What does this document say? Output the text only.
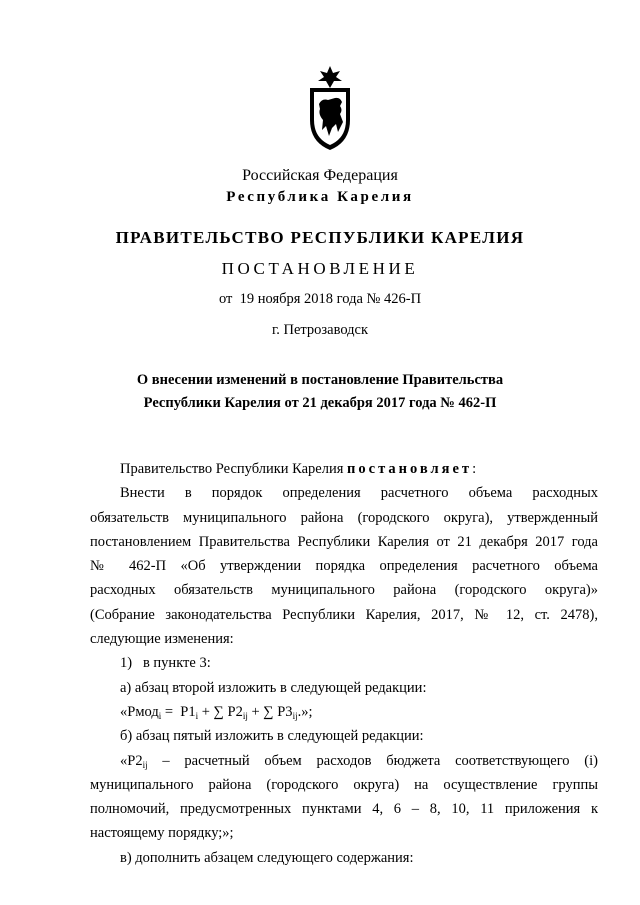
Российская Федерация
Республика Карелия
ПРАВИТЕЛЬСТВО РЕСПУБЛИКИ КАРЕЛИЯ
ПОСТАНОВЛЕНИЕ
от  19 ноября 2018 года № 426-П
г. Петрозаводск
О внесении изменений в постановление Правительства
Республики Карелия от 21 декабря 2017 года № 462-П
Правительство Республики Карелия постановляет:
Внести в порядок определения расчетного объема расходных
обязательств муниципального района (городского округа), утвержденный
постановлением Правительства Республики Карелия от 21 декабря 2017 года
№ 462-П «Об утверждении порядка определения расчетного объема
расходных обязательств муниципального района (городского округа)»
(Собрание законодательства Республики Карелия, 2017, № 12, ст. 2478),
следующие изменения:
1)   в пункте 3:
а) абзац второй изложить в следующей редакции:
«Рмод$_i$ =  $Р1_i$ + ∑ $Р2_{ij}$ + ∑ $Р3_{ij}$.»;
б) абзац пятый изложить в следующей редакции:
«$Р2_{ij}$ – расчетный объем расходов бюджета соответствующего (i)
муниципального района (городского округа) на осуществление группы
полномочий, предусмотренных пунктами 4, 6 – 8, 10, 11 приложения к
настоящему порядку;»;
в) дополнить абзацем следующего содержания:
